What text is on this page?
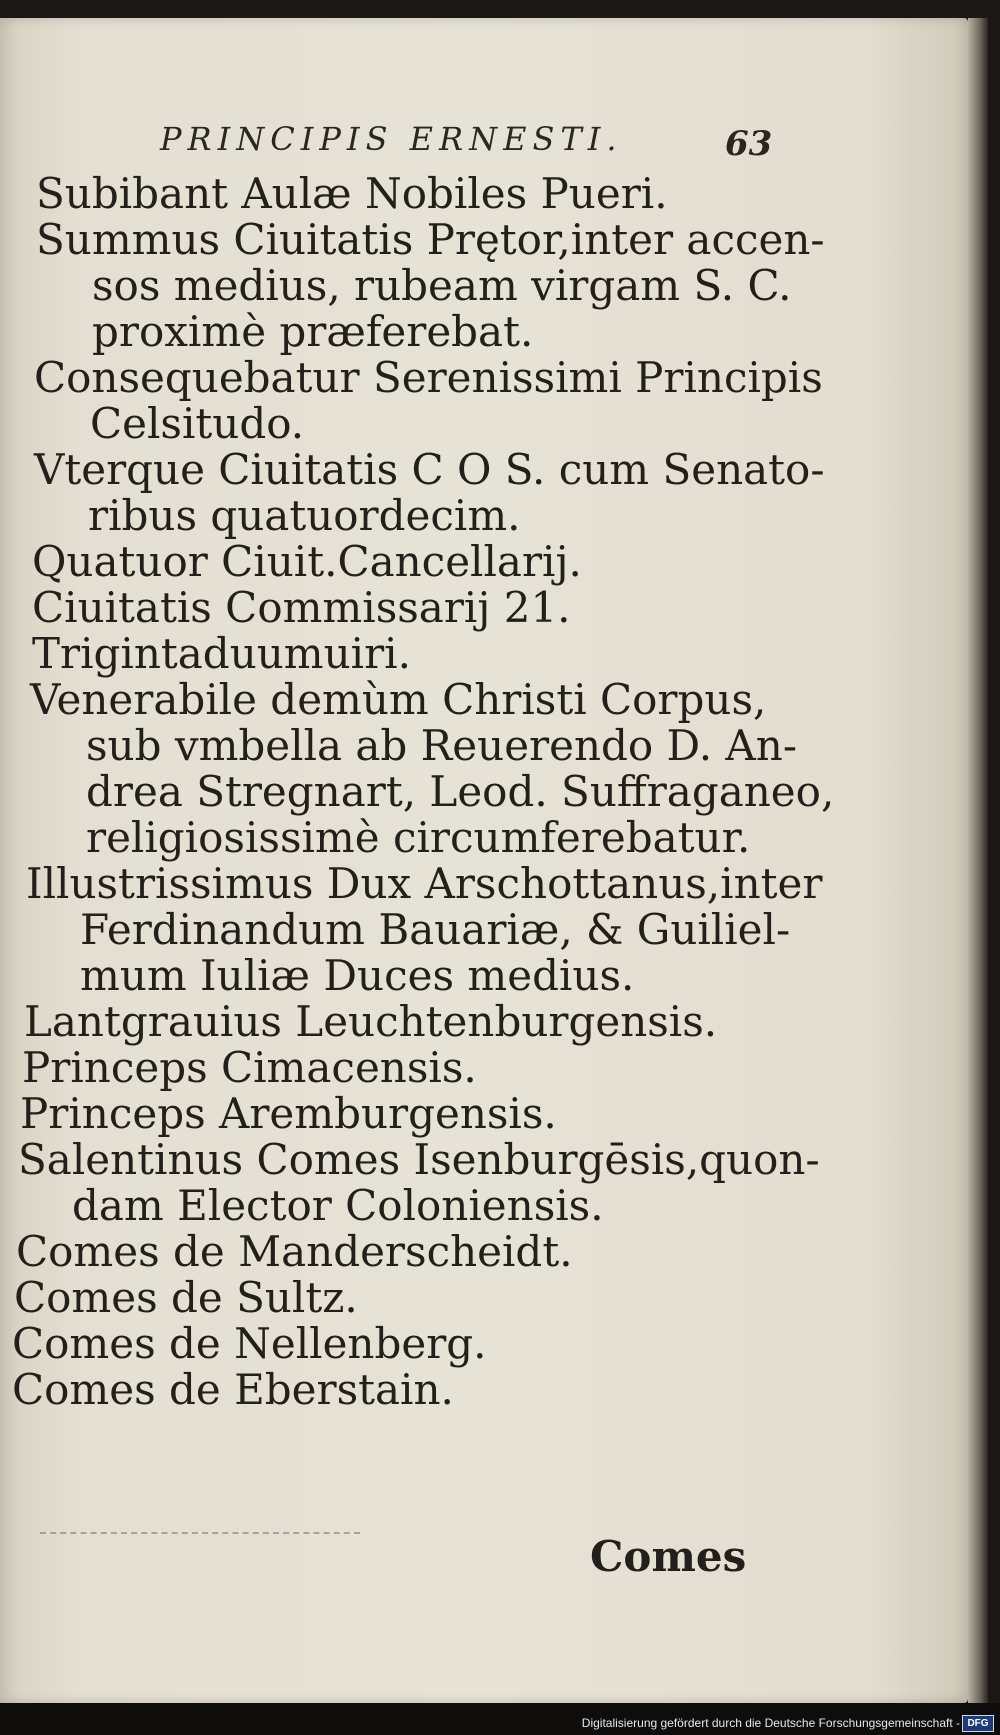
PRINCIPIS ERNESTI.	63
Subibant Aulæ Nobiles Pueri.
Summus Ciuitatis Prętor,inter accen-
sos medius, rubeam virgam S. C.
proximè præferebat.
Consequebatur Serenissimi Principis
Celsitudo.
Vterque Ciuitatis C O S. cum Senato-
ribus quatuordecim.
Quatuor Ciuit.Cancellarij.
Ciuitatis Commissarij 21.
Trigintaduumuiri.
Venerabile demùm Christi Corpus,
sub vmbella ab Reuerendo D. An-
drea Stregnart, Leod. Suffraganeo,
religiosissimè circumferebatur.
Illustrissimus Dux Arschottanus,inter
Ferdinandum Bauariæ, & Guiliel-
mum Iuliæ Duces medius.
Lantgrauius Leuchtenburgensis.
Princeps Cimacensis.
Princeps Aremburgensis.
Salentinus Comes Isenburgēsis,quon-
dam Elector Coloniensis.
Comes de Manderscheidt.
Comes de Sultz.
Comes de Nellenberg.
Comes de Eberstain.
Comes
Digitalisierung gefördert durch die Deutsche Forschungsgemeinschaft - DFG
